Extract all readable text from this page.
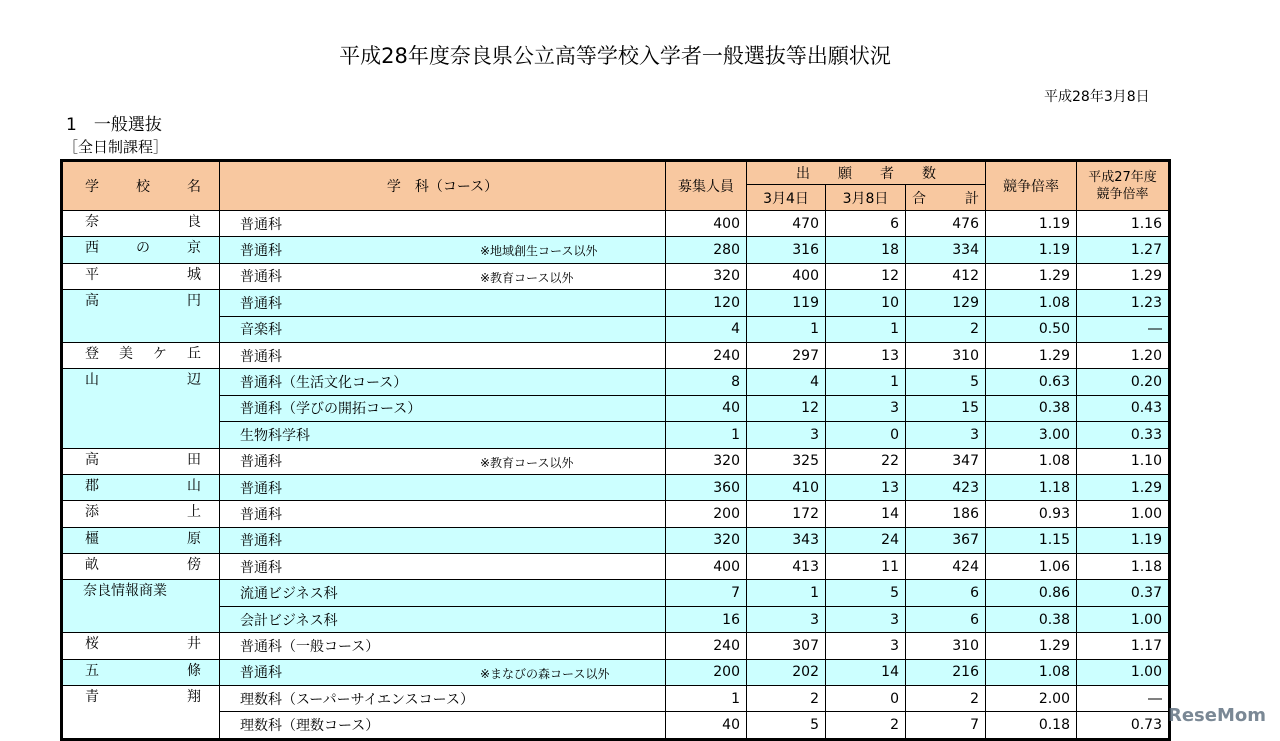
平成28年度奈良県公立高等学校入学者一般選抜等出願状況
平成28年3月8日
1　一般選抜
［全日制課程］
学　　校　　名	学　科（コース）	募集人員	出　　願　　者　　数			競争倍率	平成27年度
競争倍率
			3月4日	3月8日	合　　計		
奈良	普通科	400	470	6	476	1.19	1.16
西の京	普通科 ※地域創生コース以外	280	316	18	334	1.19	1.27
平城	普通科 ※教育コース以外	320	400	12	412	1.29	1.29
高円	普通科	120	119	10	129	1.08	1.23
	音楽科	4	1	1	2	0.50	―
登美ケ丘	普通科	240	297	13	310	1.29	1.20
山辺	普通科（生活文化コース）	8	4	1	5	0.63	0.20
	普通科（学びの開拓コース）	40	12	3	15	0.38	0.43
	生物科学科	1	3	0	3	3.00	0.33
高田	普通科 ※教育コース以外	320	325	22	347	1.08	1.10
郡山	普通科	360	410	13	423	1.18	1.29
添上	普通科	200	172	14	186	0.93	1.00
橿原	普通科	320	343	24	367	1.15	1.19
畝傍	普通科	400	413	11	424	1.06	1.18
奈良情報商業	流通ビジネス科	7	1	5	6	0.86	0.37
	会計ビジネス科	16	3	3	6	0.38	1.00
桜井	普通科（一般コース）	240	307	3	310	1.29	1.17
五條	普通科 ※まなびの森コース以外	200	202	14	216	1.08	1.00
青翔	理数科（スーパーサイエンスコース）	1	2	0	2	2.00	―
	理数科（理数コース）	40	5	2	7	0.18	0.73 ReseMom
